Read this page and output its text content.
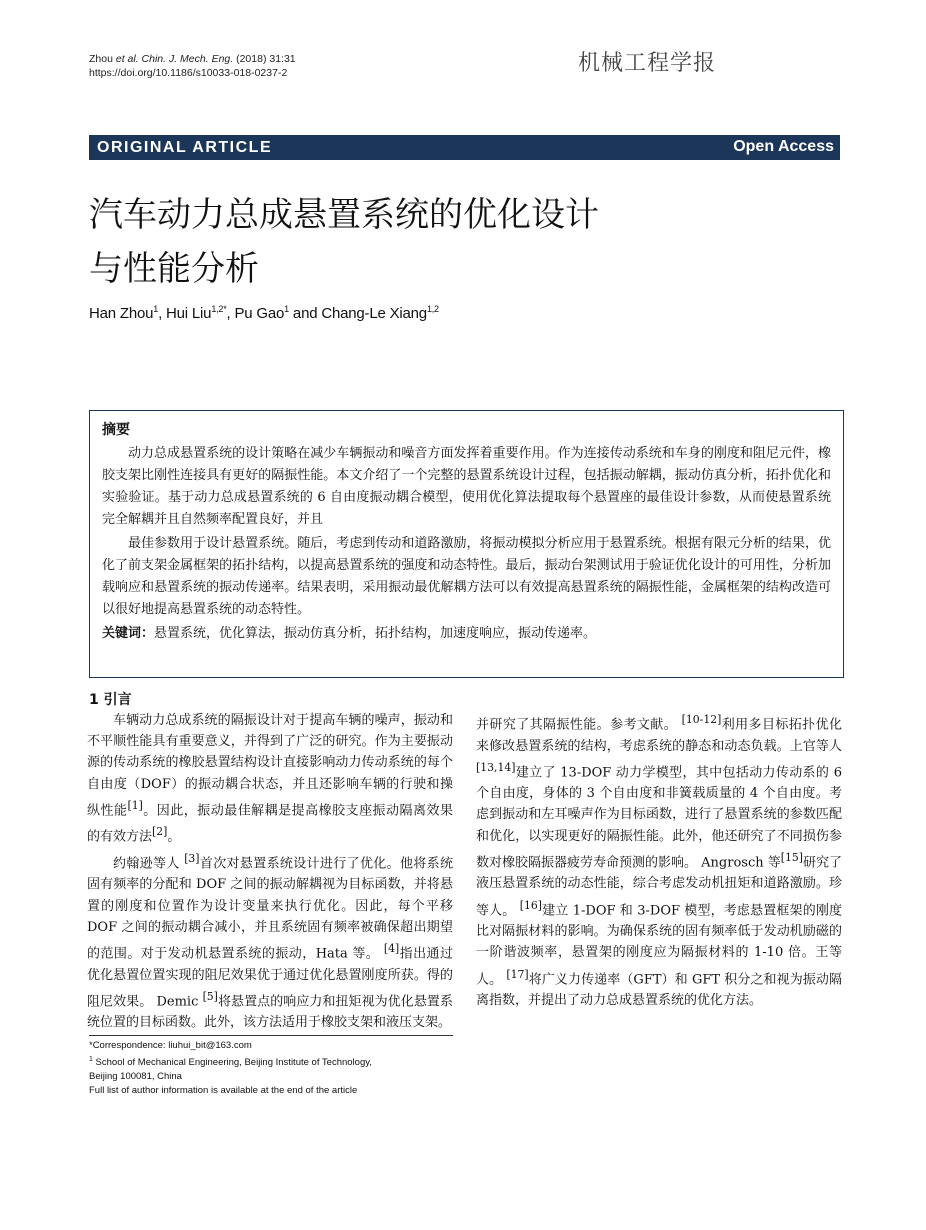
Zhou et al. Chin. J. Mech. Eng. (2018) 31:31
https://doi.org/10.1186/s10033-018-0237-2	机械工程学报
ORIGINAL ARTICLE	Open Access
汽车动力总成悬置系统的优化设计
与性能分析
Han Zhou$^1$, Hui Liu$^{1,2*}$, Pu Gao$^1$ and Chang-Le Xiang$^{1,2}$
摘要

动力总成悬置系统的设计策略在减少车辆振动和噪音方面发挥着重要作用。作为连接传动系统和车身的刚度和阻尼元件，橡胶支架比刚性连接具有更好的隔振性能。本文介绍了一个完整的悬置系统设计过程，包括振动解耦，振动仿真分析，拓扑优化和实验验证。基于动力总成悬置系统的 6 自由度振动耦合模型，使用优化算法提取每个悬置座的最佳设计参数，从而使悬置系统完全解耦并且自然频率配置良好，并且

最佳参数用于设计悬置系统。随后，考虑到传动和道路激励，将振动模拟分析应用于悬置系统。根据有限元分析的结果，优化了前支架金属框架的拓扑结构，以提高悬置系统的强度和动态特性。最后，振动台架测试用于验证优化设计的可用性，分析加载响应和悬置系统的振动传递率。结果表明，采用振动最优解耦方法可以有效提高悬置系统的隔振性能，金属框架的结构改造可以很好地提高悬置系统的动态特性。

关键词：悬置系统，优化算法，振动仿真分析，拓扑结构，加速度响应，振动传递率。
1 引言

车辆动力总成系统的隔振设计对于提高车辆的噪声，振动和不平顺性能具有重要意义，并得到了广泛的研究。作为主要振动源的传动系统的橡胶悬置结构设计直接影响动力传动系统的每个自由度（DOF）的振动耦合状态，并且还影响车辆的行驶和操纵性能[1]。因此，振动最佳解耦是提高橡胶支座振动隔离效果的有效方法[2]。

约翰逊等人 [3]首次对悬置系统设计进行了优化。他将系统固有频率的分配和 DOF 之间的振动解耦视为目标函数，并将悬置的刚度和位置作为设计变量来执行优化。因此，每个平移 DOF 之间的振动耦合减小，并且系统固有频率被确保超出期望的范围。对于发动机悬置系统的振动，Hata 等。 [4]指出通过优化悬置位置实现的阻尼效果优于通过优化悬置刚度所获。得的阻尼效果。 Demic [5]将悬置点的响应力和扭矩视为优化悬置系统位置的目标函数。此外，该方法适用于橡胶支架和液压支架。

并研究了其隔振性能。参考文献。 [10-12]利用多目标拓扑优化来修改悬置系统的结构，考虑系统的静态和动态负载。上官等人[13,14]建立了 13-DOF 动力学模型，其中包括动力传动系的 6 个自由度，身体的 3 个自由度和非簧载质量的 4 个自由度。考虑到振动和左耳噪声作为目标函数，进行了悬置系统的参数匹配和优化，以实现更好的隔振性能。此外，他还研究了不同损伤参数对橡胶隔振器疲劳寿命预测的影响。 Angrosch 等[15]研究了液压悬置系统的动态性能，综合考虑发动机扭矩和道路激励。珍等人。 [16]建立 1-DOF 和 3-DOF 模型，考虑悬置框架的刚度比对隔振材料的影响。为确保系统的固有频率低于发动机励磁的一阶谐波频率，悬置架的刚度应为隔振材料的 1-10 倍。王等人。 [17]将广义力传递率（GFT）和 GFT 积分之和视为振动隔离指数，并提出了动力总成悬置系统的优化方法。

*Correspondence: liuhui_bit@163.com
$^1$ School of Mechanical Engineering, Beijing Institute of Technology,
Beijing 100081, China
Full list of author information is available at the end of the article
